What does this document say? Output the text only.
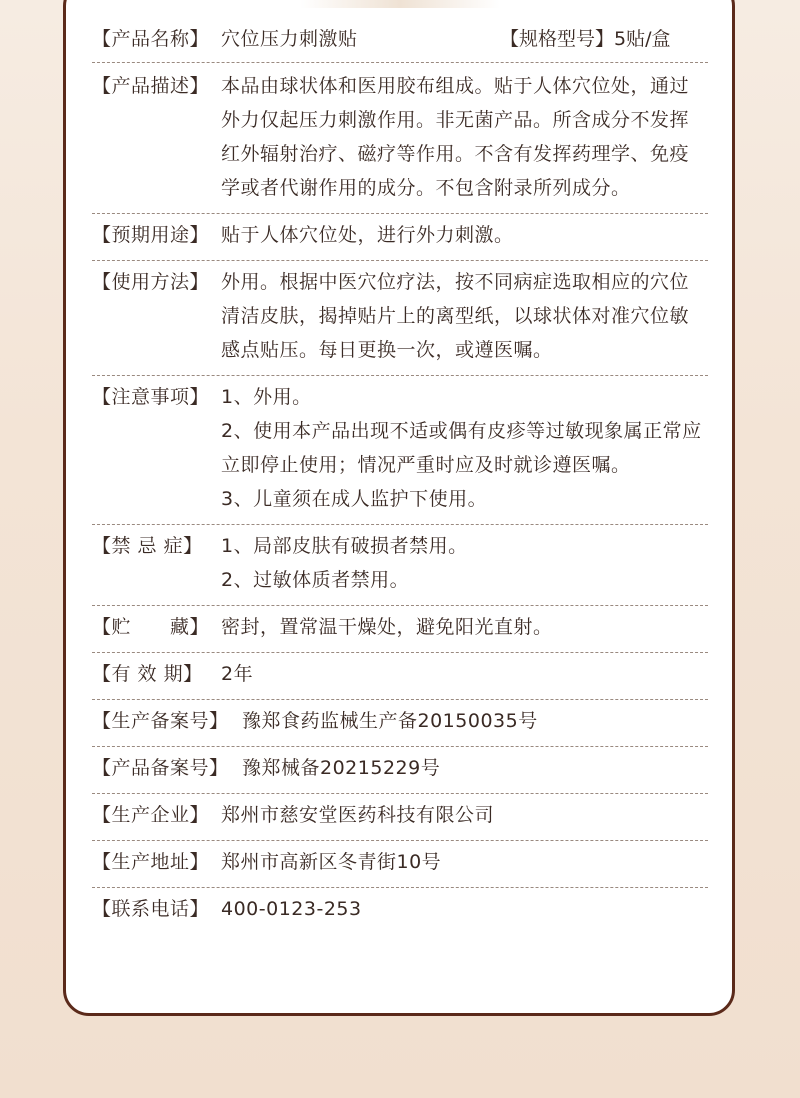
【产品名称】 穴位压力刺激贴	【规格型号】5贴/盒
【产品描述】 本品由球状体和医用胶布组成。贴于人体穴位处，通过外力仅起压力刺激作用。非无菌产品。所含成分不发挥红外辐射治疗、磁疗等作用。不含有发挥药理学、免疫学或者代谢作用的成分。不包含附录所列成分。
【预期用途】 贴于人体穴位处，进行外力刺激。
【使用方法】 外用。根据中医穴位疗法，按不同病症选取相应的穴位清洁皮肤，揭掉贴片上的离型纸，以球状体对准穴位敏感点贴压。每日更换一次，或遵医嘱。
【注意事项】 1、外用。
2、使用本产品出现不适或偶有皮疹等过敏现象属正常应立即停止使用；情况严重时应及时就诊遵医嘱。
3、儿童须在成人监护下使用。
【禁 忌 症】 1、局部皮肤有破损者禁用。
2、过敏体质者禁用。
【贮　　藏】 密封，置常温干燥处，避免阳光直射。
【有 效 期】 2年
【生产备案号】 豫郑食药监械生产备20150035号
【产品备案号】 豫郑械备20215229号
【生产企业】 郑州市慈安堂医药科技有限公司
【生产地址】 郑州市高新区冬青街10号
【联系电话】 400-0123-253
